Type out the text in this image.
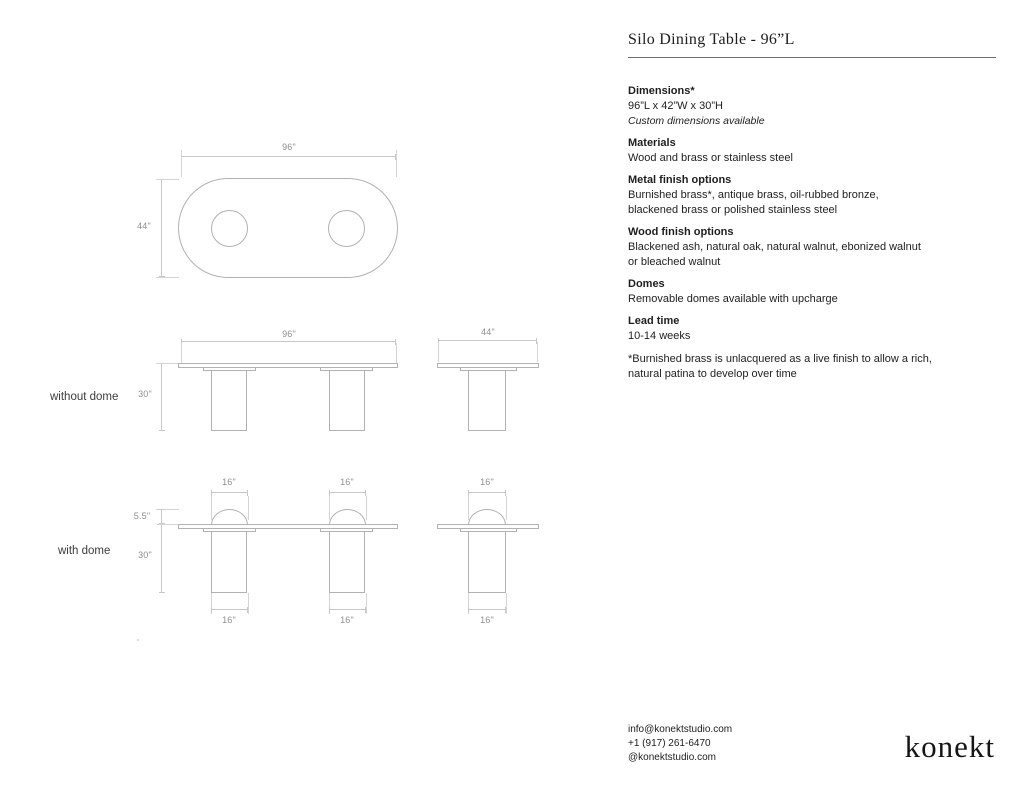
96"
44"
without dome
96"
30"
44"
with dome
16"	16"
5.5"
30"
16"	16"
16"
16"
Silo Dining Table - 96”L
Dimensions*
96”L x 42”W x 30”H
Custom dimensions available
Materials
Wood and brass or stainless steel
Metal finish options
Burnished brass*, antique brass, oil-rubbed bronze,
blackened brass or polished stainless steel
Wood finish options
Blackened ash, natural oak, natural walnut, ebonized walnut
or bleached walnut
Domes
Removable domes available with upcharge
Lead time
10-14 weeks
*Burnished brass is unlacquered as a live finish to allow a rich,
natural patina to develop over time
info@konektstudio.com
+1 (917) 261-6470
@konektstudio.com	konekt
